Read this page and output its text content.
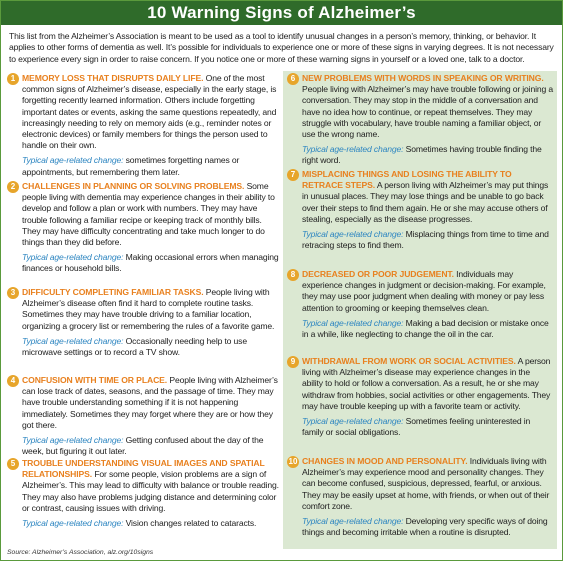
10 Warning Signs of Alzheimer’s
This list from the Alzheimer’s Association is meant to be used as a tool to identify unusual changes in a person’s memory, thinking, or behavior. It applies to other forms of dementia as well. It’s possible for individuals to experience one or more of these signs in varying degrees. It is not necessary to experience every sign in order to raise concern. If you notice one or more of these warning signs in yourself or a loved one, talk to a doctor.
1 MEMORY LOSS THAT DISRUPTS DAILY LIFE. One of the most common signs of Alzheimer’s disease, especially in the early stage, is forgetting recently learned information. Others include forgetting important dates or events, asking the same questions repeatedly, and increasingly needing to rely on memory aids (e.g., reminder notes or electronic devices) or family members for things the person used to handle on their own.
Typical age-related change: sometimes forgetting names or appointments, but remembering them later.
2 CHALLENGES IN PLANNING OR SOLVING PROBLEMS. Some people living with dementia may experience changes in their ability to develop and follow a plan or work with numbers. They may have trouble following a familiar recipe or keeping track of monthly bills. They may have difficulty concentrating and take much longer to do things than they did before.
Typical age-related change: Making occasional errors when managing finances or household bills.
3 DIFFICULTY COMPLETING FAMILIAR TASKS. People living with Alzheimer’s disease often find it hard to complete routine tasks. Sometimes they may have trouble driving to a familiar location, organizing a grocery list or remembering the rules of a favorite game.
Typical age-related change: Occasionally needing help to use microwave settings or to record a TV show.
4 CONFUSION WITH TIME OR PLACE. People living with Alzheimer’s can lose track of dates, seasons, and the passage of time. They may have trouble understanding something if it is not happening immediately. Sometimes they may forget where they are or how they got there.
Typical age-related change: Getting confused about the day of the week, but figuring it out later.
5 TROUBLE UNDERSTANDING VISUAL IMAGES AND SPATIAL RELATIONSHIPS. For some people, vision problems are a sign of Alzheimer’s. This may lead to difficulty with balance or trouble reading. They may also have problems judging distance and determining color or contrast, causing issues with driving.
Typical age-related change: Vision changes related to cataracts.
6 NEW PROBLEMS WITH WORDS IN SPEAKING OR WRITING. People living with Alzheimer’s may have trouble following or joining a conversation. They may stop in the middle of a conversation and have no idea how to continue, or repeat themselves. They may struggle with vocabulary, have trouble naming a familiar object, or use the wrong name.
Typical age-related change: Sometimes having trouble finding the right word.
7 MISPLACING THINGS AND LOSING THE ABILITY TO RETRACE STEPS. A person living with Alzheimer’s may put things in unusual places. They may lose things and be unable to go back over their steps to find them again. He or she may accuse others of stealing, especially as the disease progresses.
Typical age-related change: Misplacing things from time to time and retracing steps to find them.
8 DECREASED OR POOR JUDGEMENT. Individuals may experience changes in judgment or decision-making. For example, they may use poor judgment when dealing with money or pay less attention to grooming or keeping themselves clean.
Typical age-related change: Making a bad decision or mistake once in a while, like neglecting to change the oil in the car.
9 WITHDRAWAL FROM WORK OR SOCIAL ACTIVITIES. A person living with Alzheimer’s disease may experience changes in the ability to hold or follow a conversation. As a result, he or she may withdraw from hobbies, social activities or other engagements. They may have trouble keeping up with a favorite team or activity.
Typical age-related change: Sometimes feeling uninterested in family or social obligations.
10 CHANGES IN MOOD AND PERSONALITY. Individuals living with Alzheimer’s may experience mood and personality changes. They can become confused, suspicious, depressed, fearful, or anxious. They may be easily upset at home, with friends, or when out of their comfort zone.
Typical age-related change: Developing very specific ways of doing things and becoming irritable when a routine is disrupted.
Source: Alzheimer’s Association, alz.org/10signs
